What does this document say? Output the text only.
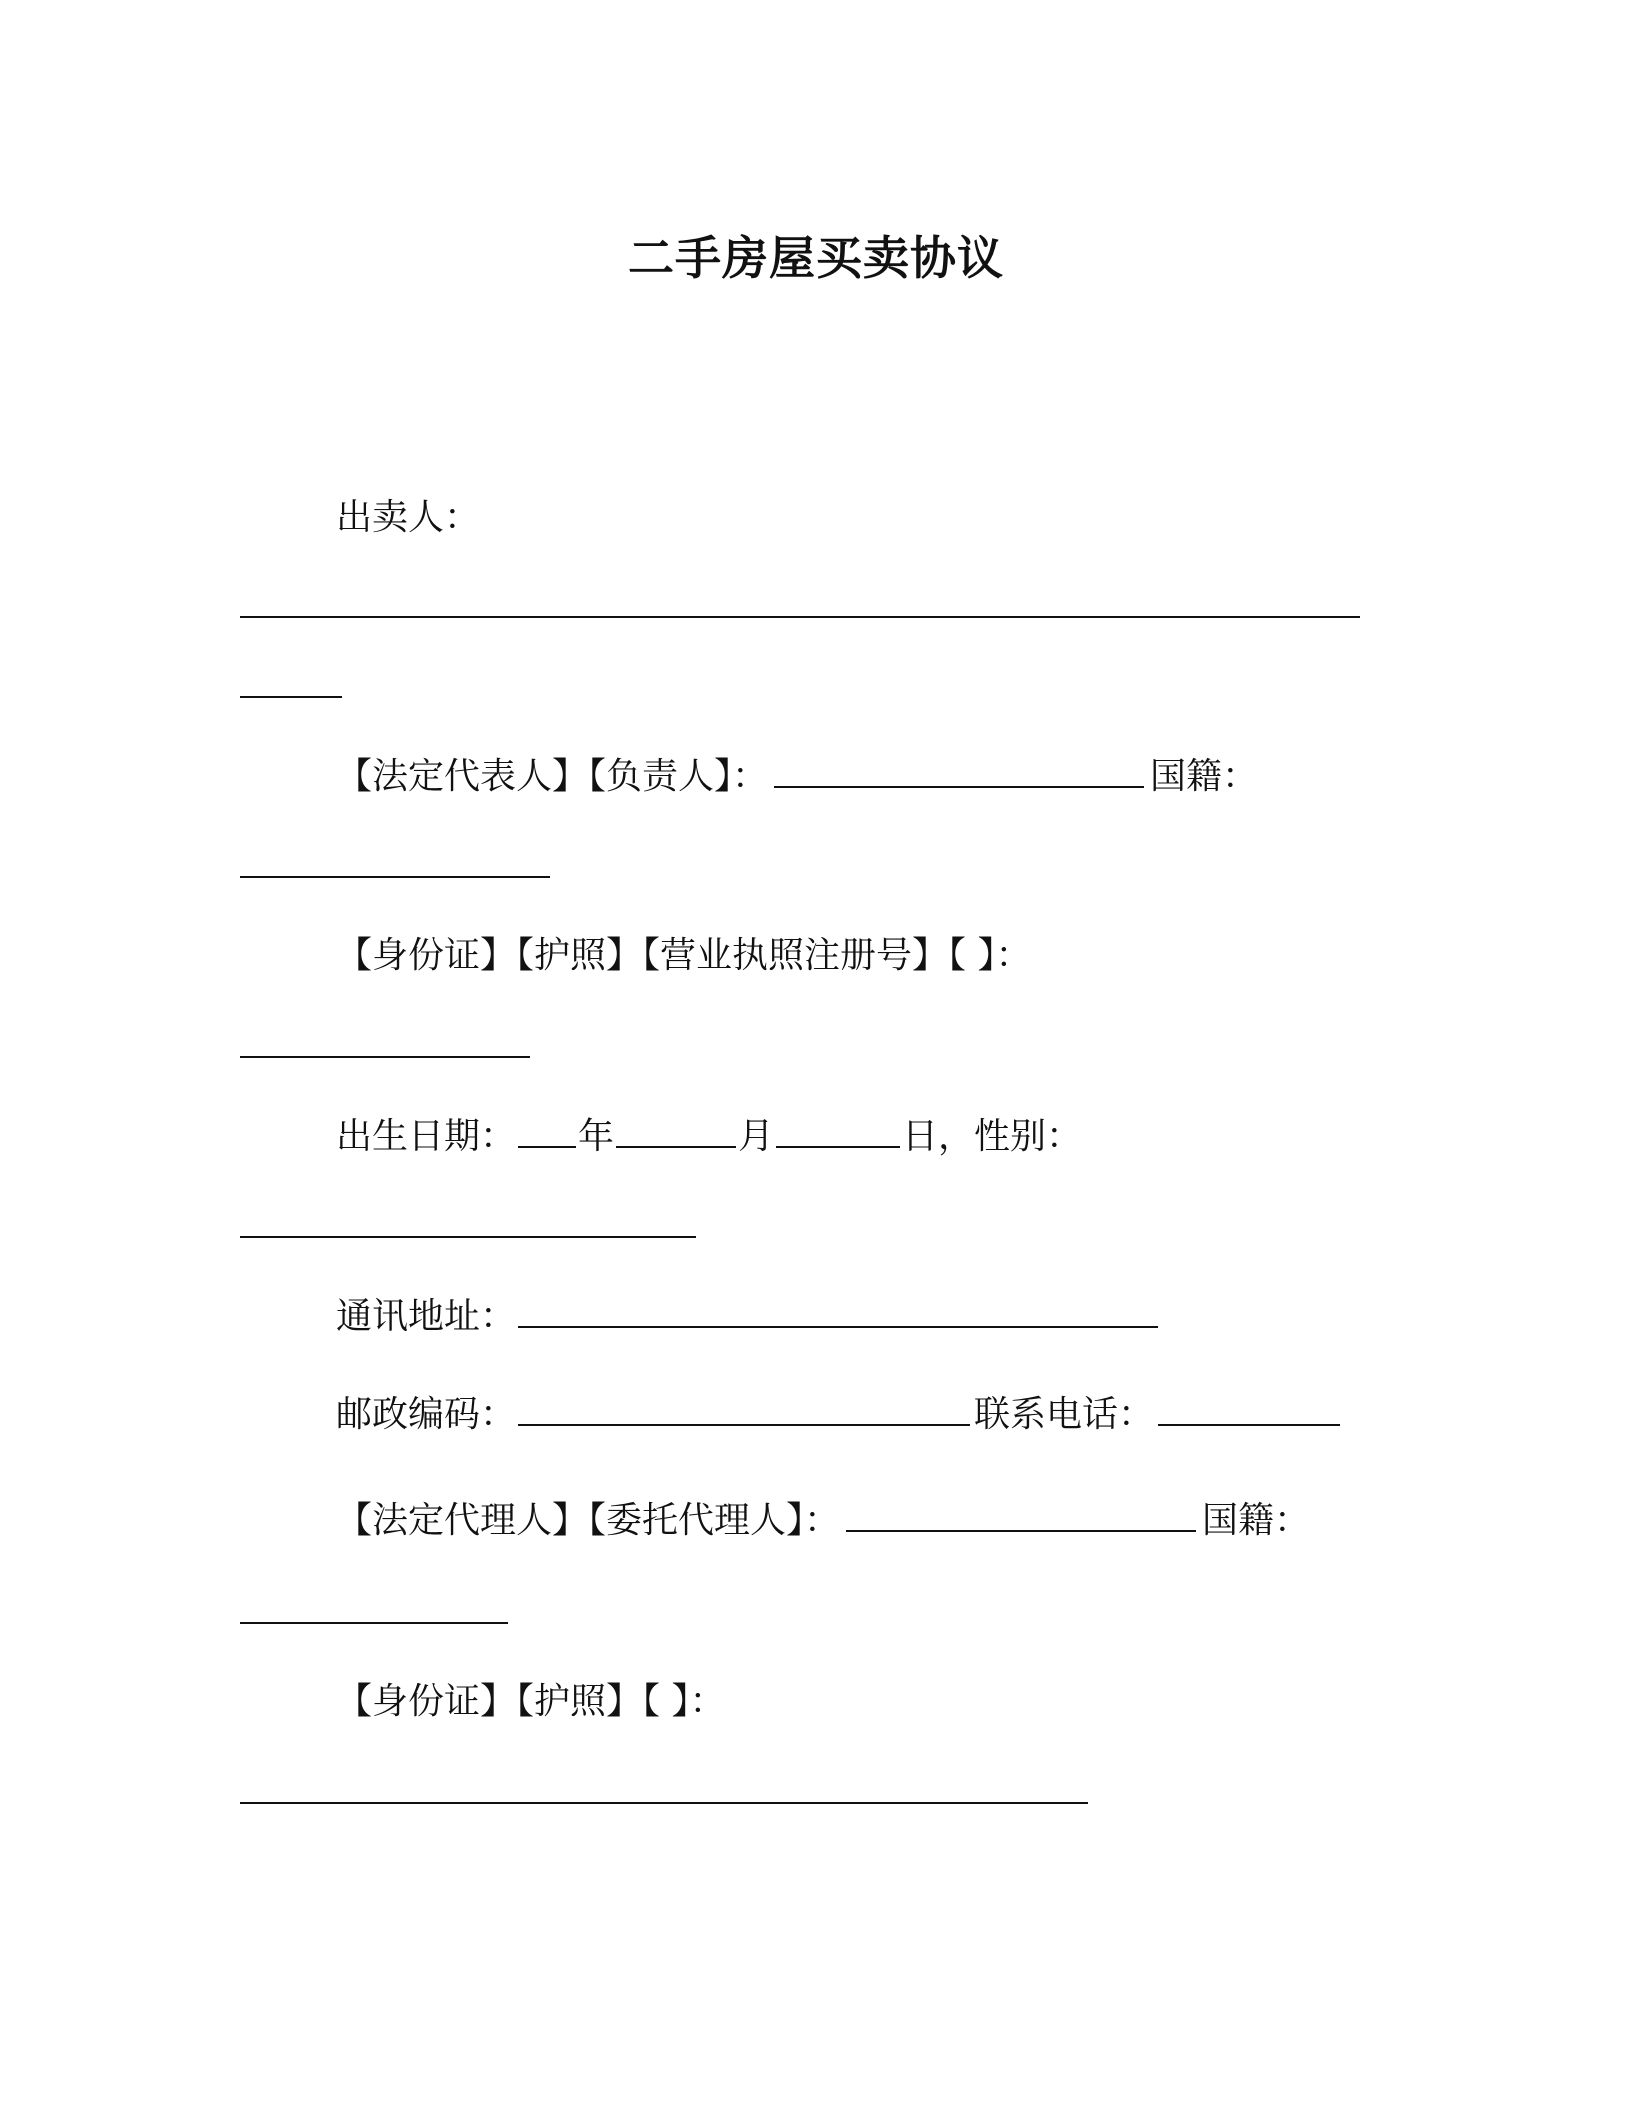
二手房屋买卖协议

出卖人：

【法定代表人】【负责人】：	国籍：

【身份证】【护照】【营业执照注册号】【 】：

出生日期： 年	月	日，性别：

通讯地址：

邮政编码：	联系电话：

【法定代理人】【委托代理人】：	国籍：

【身份证】【护照】【 】：
